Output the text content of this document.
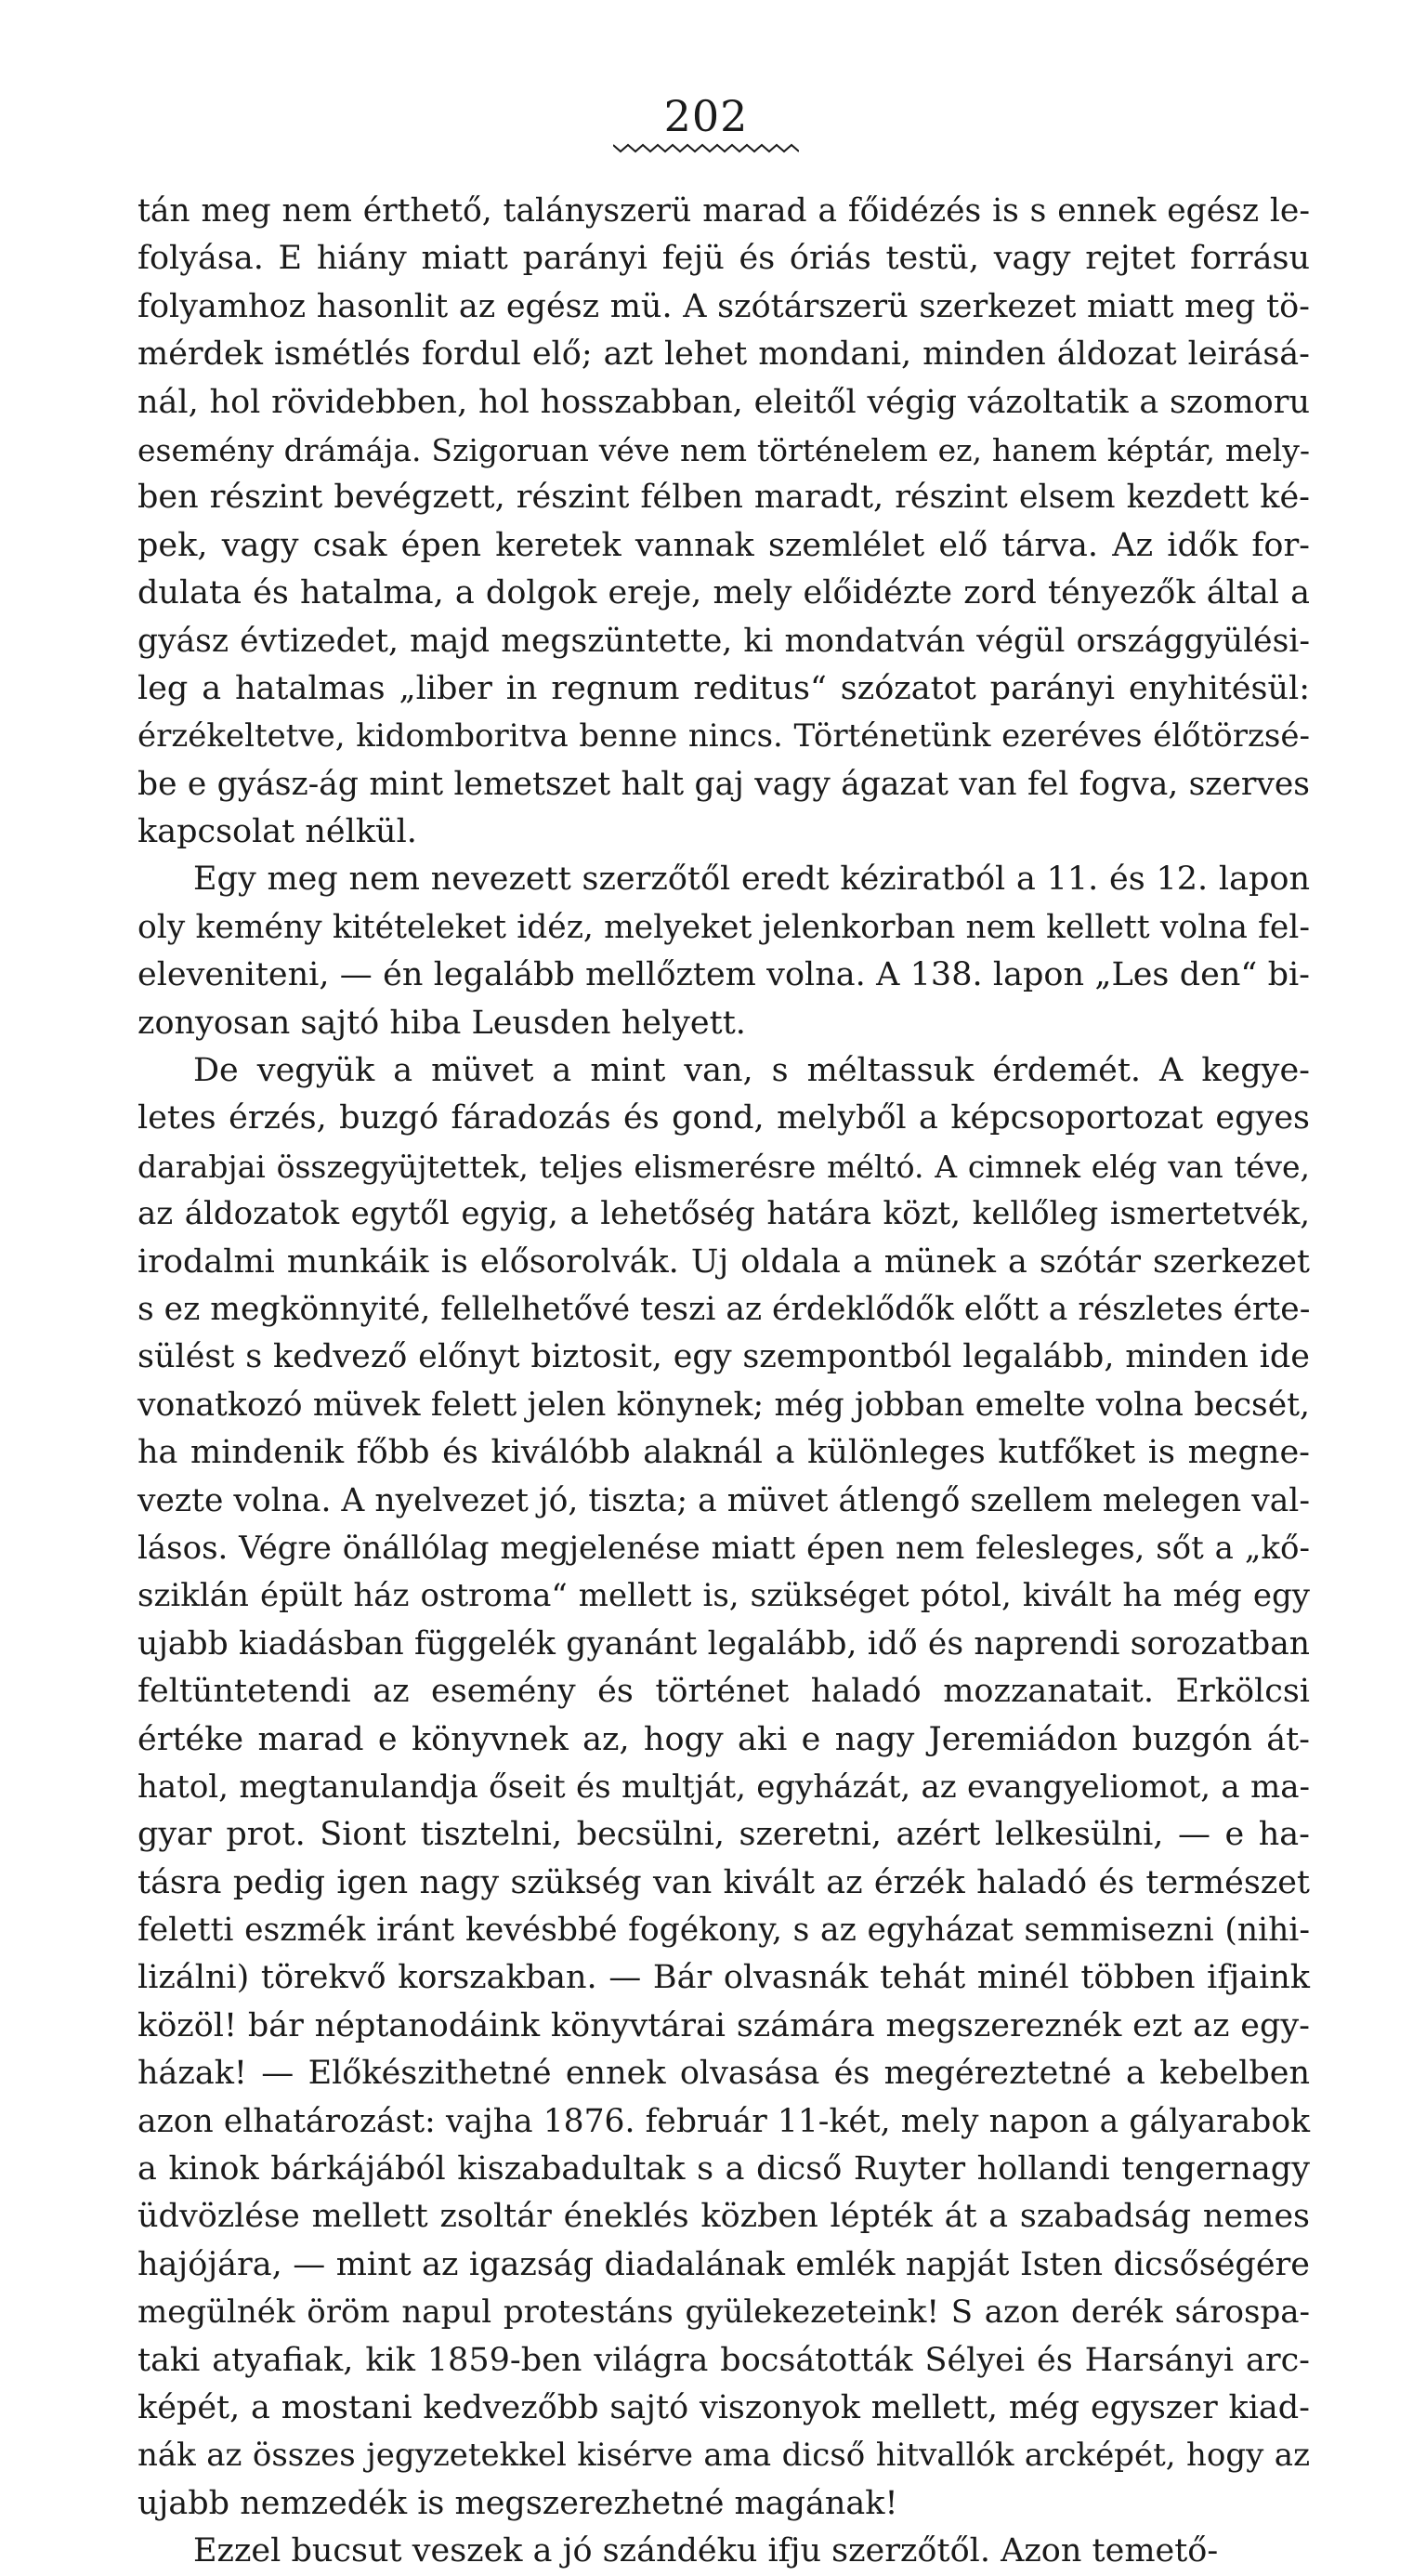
202
tán meg nem érthető, talányszerü marad a főidézés is s ennek egész le-
folyása. E hiány miatt parányi fejü és óriás testü, vagy rejtet forrásu
folyamhoz hasonlit az egész mü. A szótárszerü szerkezet miatt meg tö-
mérdek ismétlés fordul elő; azt lehet mondani, minden áldozat leirásá-
nál, hol rövidebben, hol hosszabban, eleitől végig vázoltatik a szomoru
esemény drámája. Szigoruan véve nem történelem ez, hanem képtár, mely-
ben részint bevégzett, részint félben maradt, részint elsem kezdett ké-
pek, vagy csak épen keretek vannak szemlélet elő tárva. Az idők for-
dulata és hatalma, a dolgok ereje, mely előidézte zord tényezők által a
gyász évtizedet, majd megszüntette, ki mondatván végül országgyülési-
leg a hatalmas „liber in regnum reditus“ szózatot parányi enyhitésül:
érzékeltetve, kidomboritva benne nincs. Történetünk ezeréves élőtörzsé-
be e gyász-ág mint lemetszet halt gaj vagy ágazat van fel fogva, szerves
kapcsolat nélkül.
Egy meg nem nevezett szerzőtől eredt kéziratból a 11. és 12. lapon
oly kemény kitételeket idéz, melyeket jelenkorban nem kellett volna fel-
eleveniteni, — én legalább mellőztem volna. A 138. lapon „Les den“ bi-
zonyosan sajtó hiba Leusden helyett.
De vegyük a müvet a mint van, s méltassuk érdemét. A kegye-
letes érzés, buzgó fáradozás és gond, melyből a képcsoportozat egyes
darabjai összegyüjtettek, teljes elismerésre méltó. A cimnek elég van téve,
az áldozatok egytől egyig, a lehetőség határa közt, kellőleg ismertetvék,
irodalmi munkáik is elősorolvák. Uj oldala a münek a szótár szerkezet
s ez megkönnyité, fellelhetővé teszi az érdeklődők előtt a részletes érte-
sülést s kedvező előnyt biztosit, egy szempontból legalább, minden ide
vonatkozó müvek felett jelen könynek; még jobban emelte volna becsét,
ha mindenik főbb és kiválóbb alaknál a különleges kutfőket is megne-
vezte volna. A nyelvezet jó, tiszta; a müvet átlengő szellem melegen val-
lásos. Végre önállólag megjelenése miatt épen nem felesleges, sőt a „kő-
sziklán épült ház ostroma“ mellett is, szükséget pótol, kivált ha még egy
ujabb kiadásban függelék gyanánt legalább, idő és naprendi sorozatban
feltüntetendi az esemény és történet haladó mozzanatait. Erkölcsi
értéke marad e könyvnek az, hogy aki e nagy Jeremiádon buzgón át-
hatol, megtanulandja őseit és multját, egyházát, az evangyeliomot, a ma-
gyar prot. Siont tisztelni, becsülni, szeretni, azért lelkesülni, — e ha-
tásra pedig igen nagy szükség van kivált az érzék haladó és természet
feletti eszmék iránt kevésbbé fogékony, s az egyházat semmisezni (nihi-
lizálni) törekvő korszakban. — Bár olvasnák tehát minél többen ifjaink
közöl! bár néptanodáink könyvtárai számára megszereznék ezt az egy-
házak! — Előkészithetné ennek olvasása és megéreztetné a kebelben
azon elhatározást: vajha 1876. február 11-két, mely napon a gályarabok
a kinok bárkájából kiszabadultak s a dicső Ruyter hollandi tengernagy
üdvözlése mellett zsoltár éneklés közben lépték át a szabadság nemes
hajójára, — mint az igazság diadalának emlék napját Isten dicsőségére
megülnék öröm napul protestáns gyülekezeteink! S azon derék sárospa-
taki atyafiak, kik 1859-ben világra bocsátották Sélyei és Harsányi arc-
képét, a mostani kedvezőbb sajtó viszonyok mellett, még egyszer kiad-
nák az összes jegyzetekkel kisérve ama dicső hitvallók arcképét, hogy az
ujabb nemzedék is megszerezhetné magának!
Ezzel bucsut veszek a jó szándéku ifju szerzőtől. Azon temető-
